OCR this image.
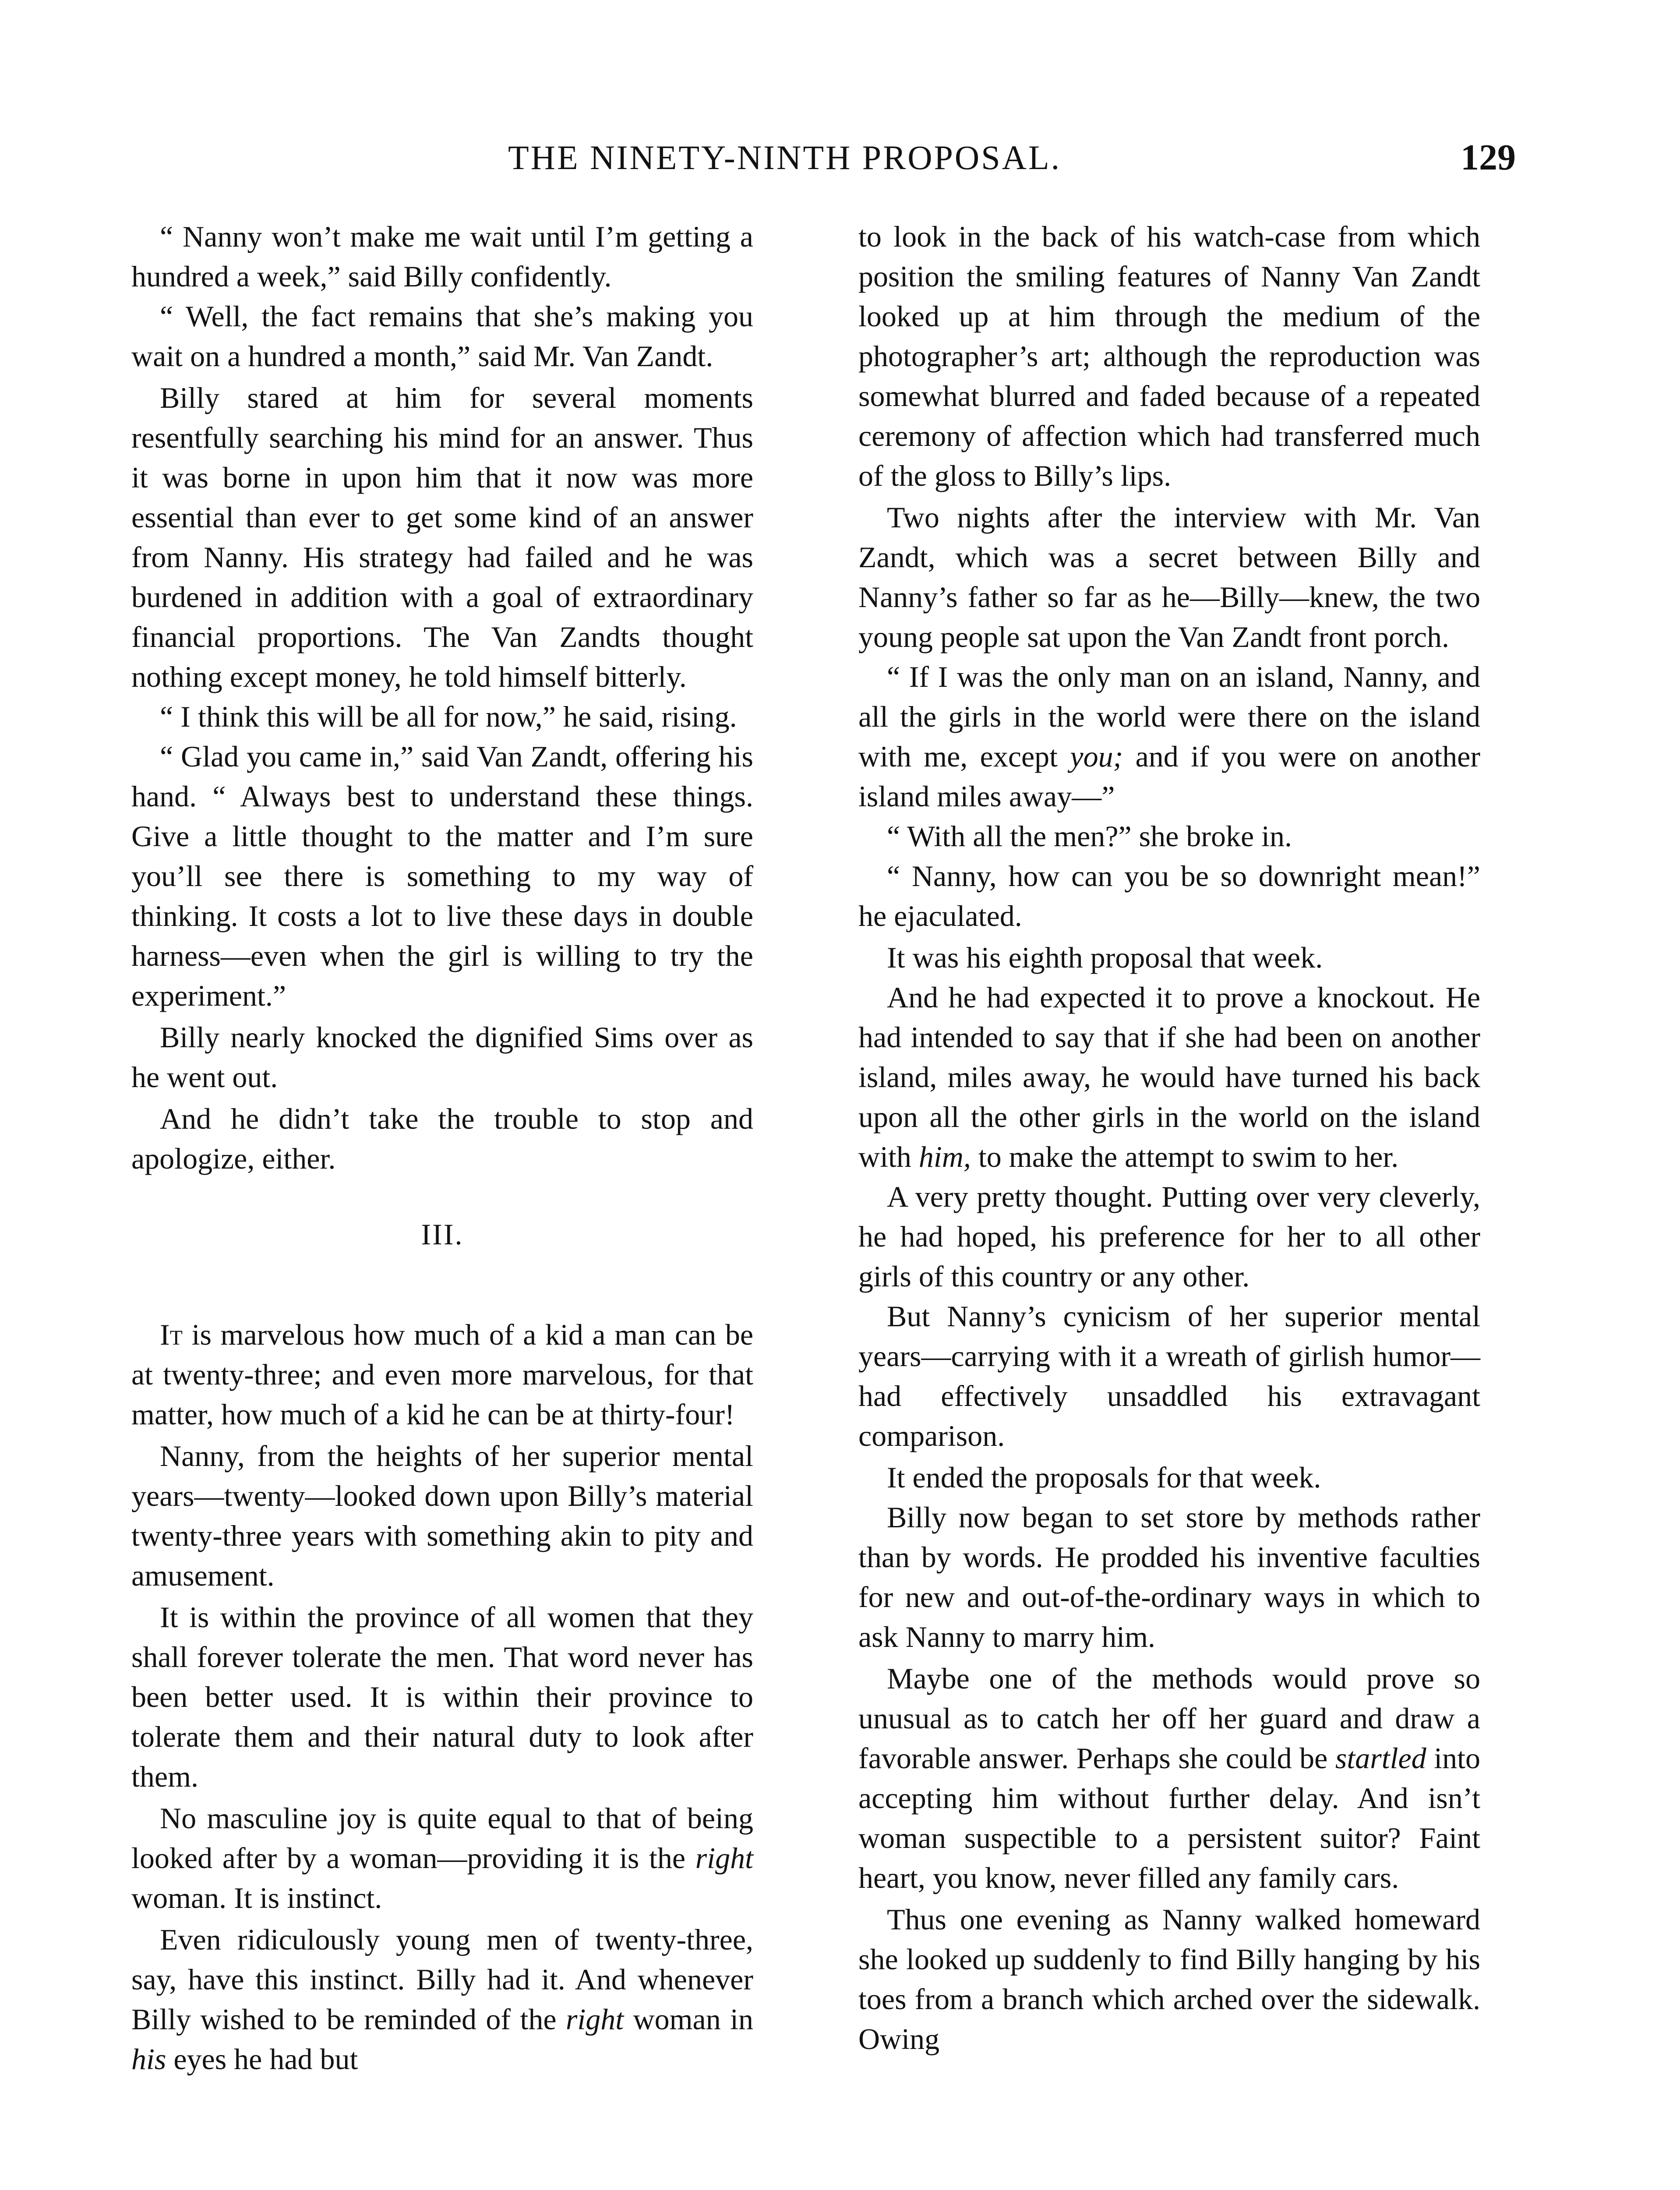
THE NINETY-NINTH PROPOSAL.	129

“ Nanny won’t make me wait until I’m getting a hundred a week,” said Billy confidently.

“ Well, the fact remains that she’s making you wait on a hundred a month,” said Mr. Van Zandt.

Billy stared at him for several moments resentfully searching his mind for an answer. Thus it was borne in upon him that it now was more essential than ever to get some kind of an answer from Nanny. His strategy had failed and he was burdened in addition with a goal of extraordinary financial proportions. The Van Zandts thought nothing except money, he told himself bitterly.

“ I think this will be all for now,” he said, rising.

“ Glad you came in,” said Van Zandt, offering his hand. “ Always best to understand these things. Give a little thought to the matter and I’m sure you’ll see there is something to my way of thinking. It costs a lot to live these days in double harness—even when the girl is willing to try the experiment.”

Billy nearly knocked the dignified Sims over as he went out.

And he didn’t take the trouble to stop and apologize, either.

III.

It is marvelous how much of a kid a man can be at twenty-three; and even more marvelous, for that matter, how much of a kid he can be at thirty-four!

Nanny, from the heights of her superior mental years—twenty—looked down upon Billy’s material twenty-three years with something akin to pity and amusement.

It is within the province of all women that they shall forever tolerate the men. That word never has been better used. It is within their province to tolerate them and their natural duty to look after them.

No masculine joy is quite equal to that of being looked after by a woman—providing it is the right woman. It is instinct.

Even ridiculously young men of twenty-three, say, have this instinct. Billy had it. And whenever Billy wished to be reminded of the right woman in his eyes he had but

to look in the back of his watch-case from which position the smiling features of Nanny Van Zandt looked up at him through the medium of the photographer’s art; although the reproduction was somewhat blurred and faded because of a repeated ceremony of affection which had transferred much of the gloss to Billy’s lips.

Two nights after the interview with Mr. Van Zandt, which was a secret between Billy and Nanny’s father so far as he—Billy—knew, the two young people sat upon the Van Zandt front porch.

“ If I was the only man on an island, Nanny, and all the girls in the world were there on the island with me, except you; and if you were on another island miles away—”

“ With all the men?” she broke in.

“ Nanny, how can you be so downright mean!” he ejaculated.

It was his eighth proposal that week.

And he had expected it to prove a knockout. He had intended to say that if she had been on another island, miles away, he would have turned his back upon all the other girls in the world on the island with him, to make the attempt to swim to her.

A very pretty thought. Putting over very cleverly, he had hoped, his preference for her to all other girls of this country or any other.

But Nanny’s cynicism of her superior mental years—carrying with it a wreath of girlish humor—had effectively unsaddled his extravagant comparison.

It ended the proposals for that week.

Billy now began to set store by methods rather than by words. He prodded his inventive faculties for new and out-of-the-ordinary ways in which to ask Nanny to marry him.

Maybe one of the methods would prove so unusual as to catch her off her guard and draw a favorable answer. Perhaps she could be startled into accepting him without further delay. And isn’t woman suspectible to a persistent suitor? Faint heart, you know, never filled any family cars.

Thus one evening as Nanny walked homeward she looked up suddenly to find Billy hanging by his toes from a branch which arched over the sidewalk. Owing
